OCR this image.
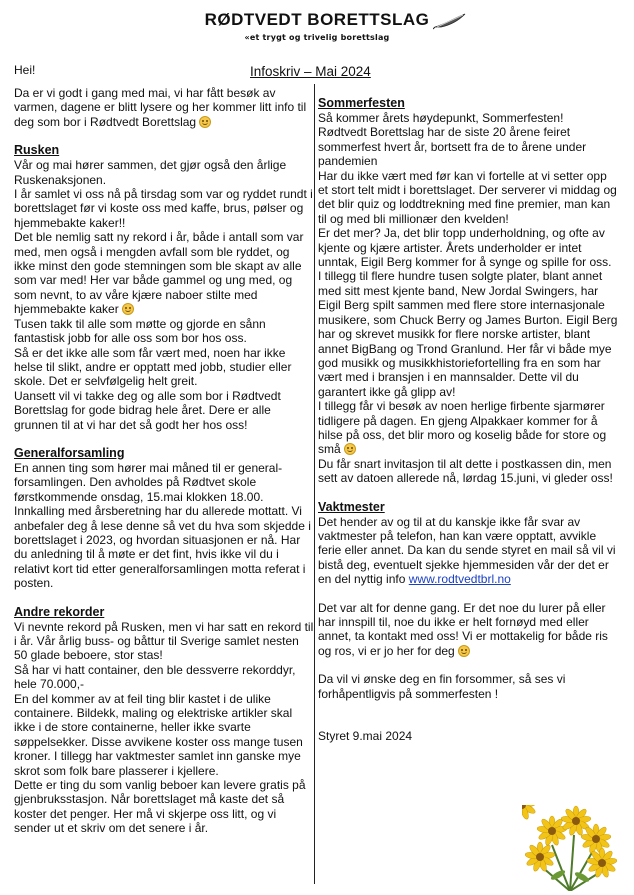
RØDTVEDT BORETTSLAG
«et trygt og trivelig borettslag
Hei!	Infoskriv – Mai 2024

Da er vi godt i gang med mai, vi har fått besøk av varmen, dagene er blitt lysere og her kommer litt info til deg som bor i Rødtvedt Borettslag

Rusken

Vår og mai hører sammen, det gjør også den årlige Ruskenaksjonen.

I år samlet vi oss nå på tirsdag som var og ryddet rundt i borettslaget før vi koste oss med kaffe, brus, pølser og hjemmebakte kaker!!

Det ble nemlig satt ny rekord i år, både i antall som var med, men også i mengden avfall som ble ryddet, og ikke minst den gode stemningen som ble skapt av alle som var med! Her var både gammel og ung med, og som nevnt, to av våre kjære naboer stilte med hjemmebakte kaker

Tusen takk til alle som møtte og gjorde en sånn fantastisk jobb for alle oss som bor hos oss.

Så er det ikke alle som får vært med, noen har ikke helse til slikt, andre er opptatt med jobb, studier eller skole. Det er selvfølgelig helt greit.

Uansett vil vi takke deg og alle som bor i Rødtvedt Borettslag for gode bidrag hele året. Dere er alle grunnen til at vi har det så godt her hos oss!

Generalforsamling

En annen ting som hører mai måned til er general-forsamlingen. Den avholdes på Rødtvet skole førstkommende onsdag, 15.mai klokken 18.00. Innkalling med årsberetning har du allerede mottatt. Vi anbefaler deg å lese denne så vet du hva som skjedde i borettslaget i 2023, og hvordan situasjonen er nå. Har du anledning til å møte er det fint, hvis ikke vil du i relativt kort tid etter generalforsamlingen motta referat i posten.

Andre rekorder

Vi nevnte rekord på Rusken, men vi har satt en rekord til i år. Vår årlig buss- og båttur til Sverige samlet nesten 50 glade beboere, stor stas!

Så har vi hatt container, den ble dessverre rekorddyr, hele 70.000,-

En del kommer av at feil ting blir kastet i de ulike containere. Bildekk, maling og elektriske artikler skal ikke i de store containerne, heller ikke svarte søppelsekker. Disse avvikene koster oss mange tusen kroner. I tillegg har vaktmester samlet inn ganske mye skrot som folk bare plasserer i kjellere.

Dette er ting du som vanlig beboer kan levere gratis på gjenbruksstasjon. Når borettslaget må kaste det så koster det penger. Her må vi skjerpe oss litt, og vi sender ut et skriv om det senere i år.

Sommerfesten

Så kommer årets høydepunkt, Sommerfesten!

Rødtvedt Borettslag har de siste 20 årene feiret sommerfest hvert år, bortsett fra de to årene under pandemien

Har du ikke vært med før kan vi fortelle at vi setter opp et stort telt midt i borettslaget. Der serverer vi middag og det blir quiz og loddtrekning med fine premier, man kan til og med bli millionær den kvelden!

Er det mer? Ja, det blir topp underholdning, og ofte av kjente og kjære artister. Årets underholder er intet unntak, Eigil Berg kommer for å synge og spille for oss.

I tillegg til flere hundre tusen solgte plater, blant annet med sitt mest kjente band, New Jordal Swingers, har Eigil Berg spilt sammen med flere store internasjonale musikere, som Chuck Berry og James Burton. Eigil Berg har og skrevet musikk for flere norske artister, blant annet BigBang og Trond Granlund. Her får vi både mye god musikk og musikkhistoriefortelling fra en som har vært med i bransjen i en mannsalder. Dette vil du garantert ikke gå glipp av!

I tillegg får vi besøk av noen herlige firbente sjarmører tidligere på dagen. En gjeng Alpakkaer kommer for å hilse på oss, det blir moro og koselig både for store og små

Du får snart invitasjon til alt dette i postkassen din, men sett av datoen allerede nå, lørdag 15.juni, vi gleder oss!

Vaktmester

Det hender av og til at du kanskje ikke får svar av vaktmester på telefon, han kan være opptatt, avvikle ferie eller annet. Da kan du sende styret en mail så vil vi bistå deg, eventuelt sjekke hjemmesiden vår der det er en del nyttig info www.rodtvedtbrl.no

Det var alt for denne gang. Er det noe du lurer på eller har innspill til, noe du ikke er helt fornøyd med eller annet, ta kontakt med oss! Vi er mottakelig for både ris og ros, vi er jo her for deg

Da vil vi ønske deg en fin forsommer, så ses vi forhåpentligvis på sommerfesten !

Styret 9.mai 2024
